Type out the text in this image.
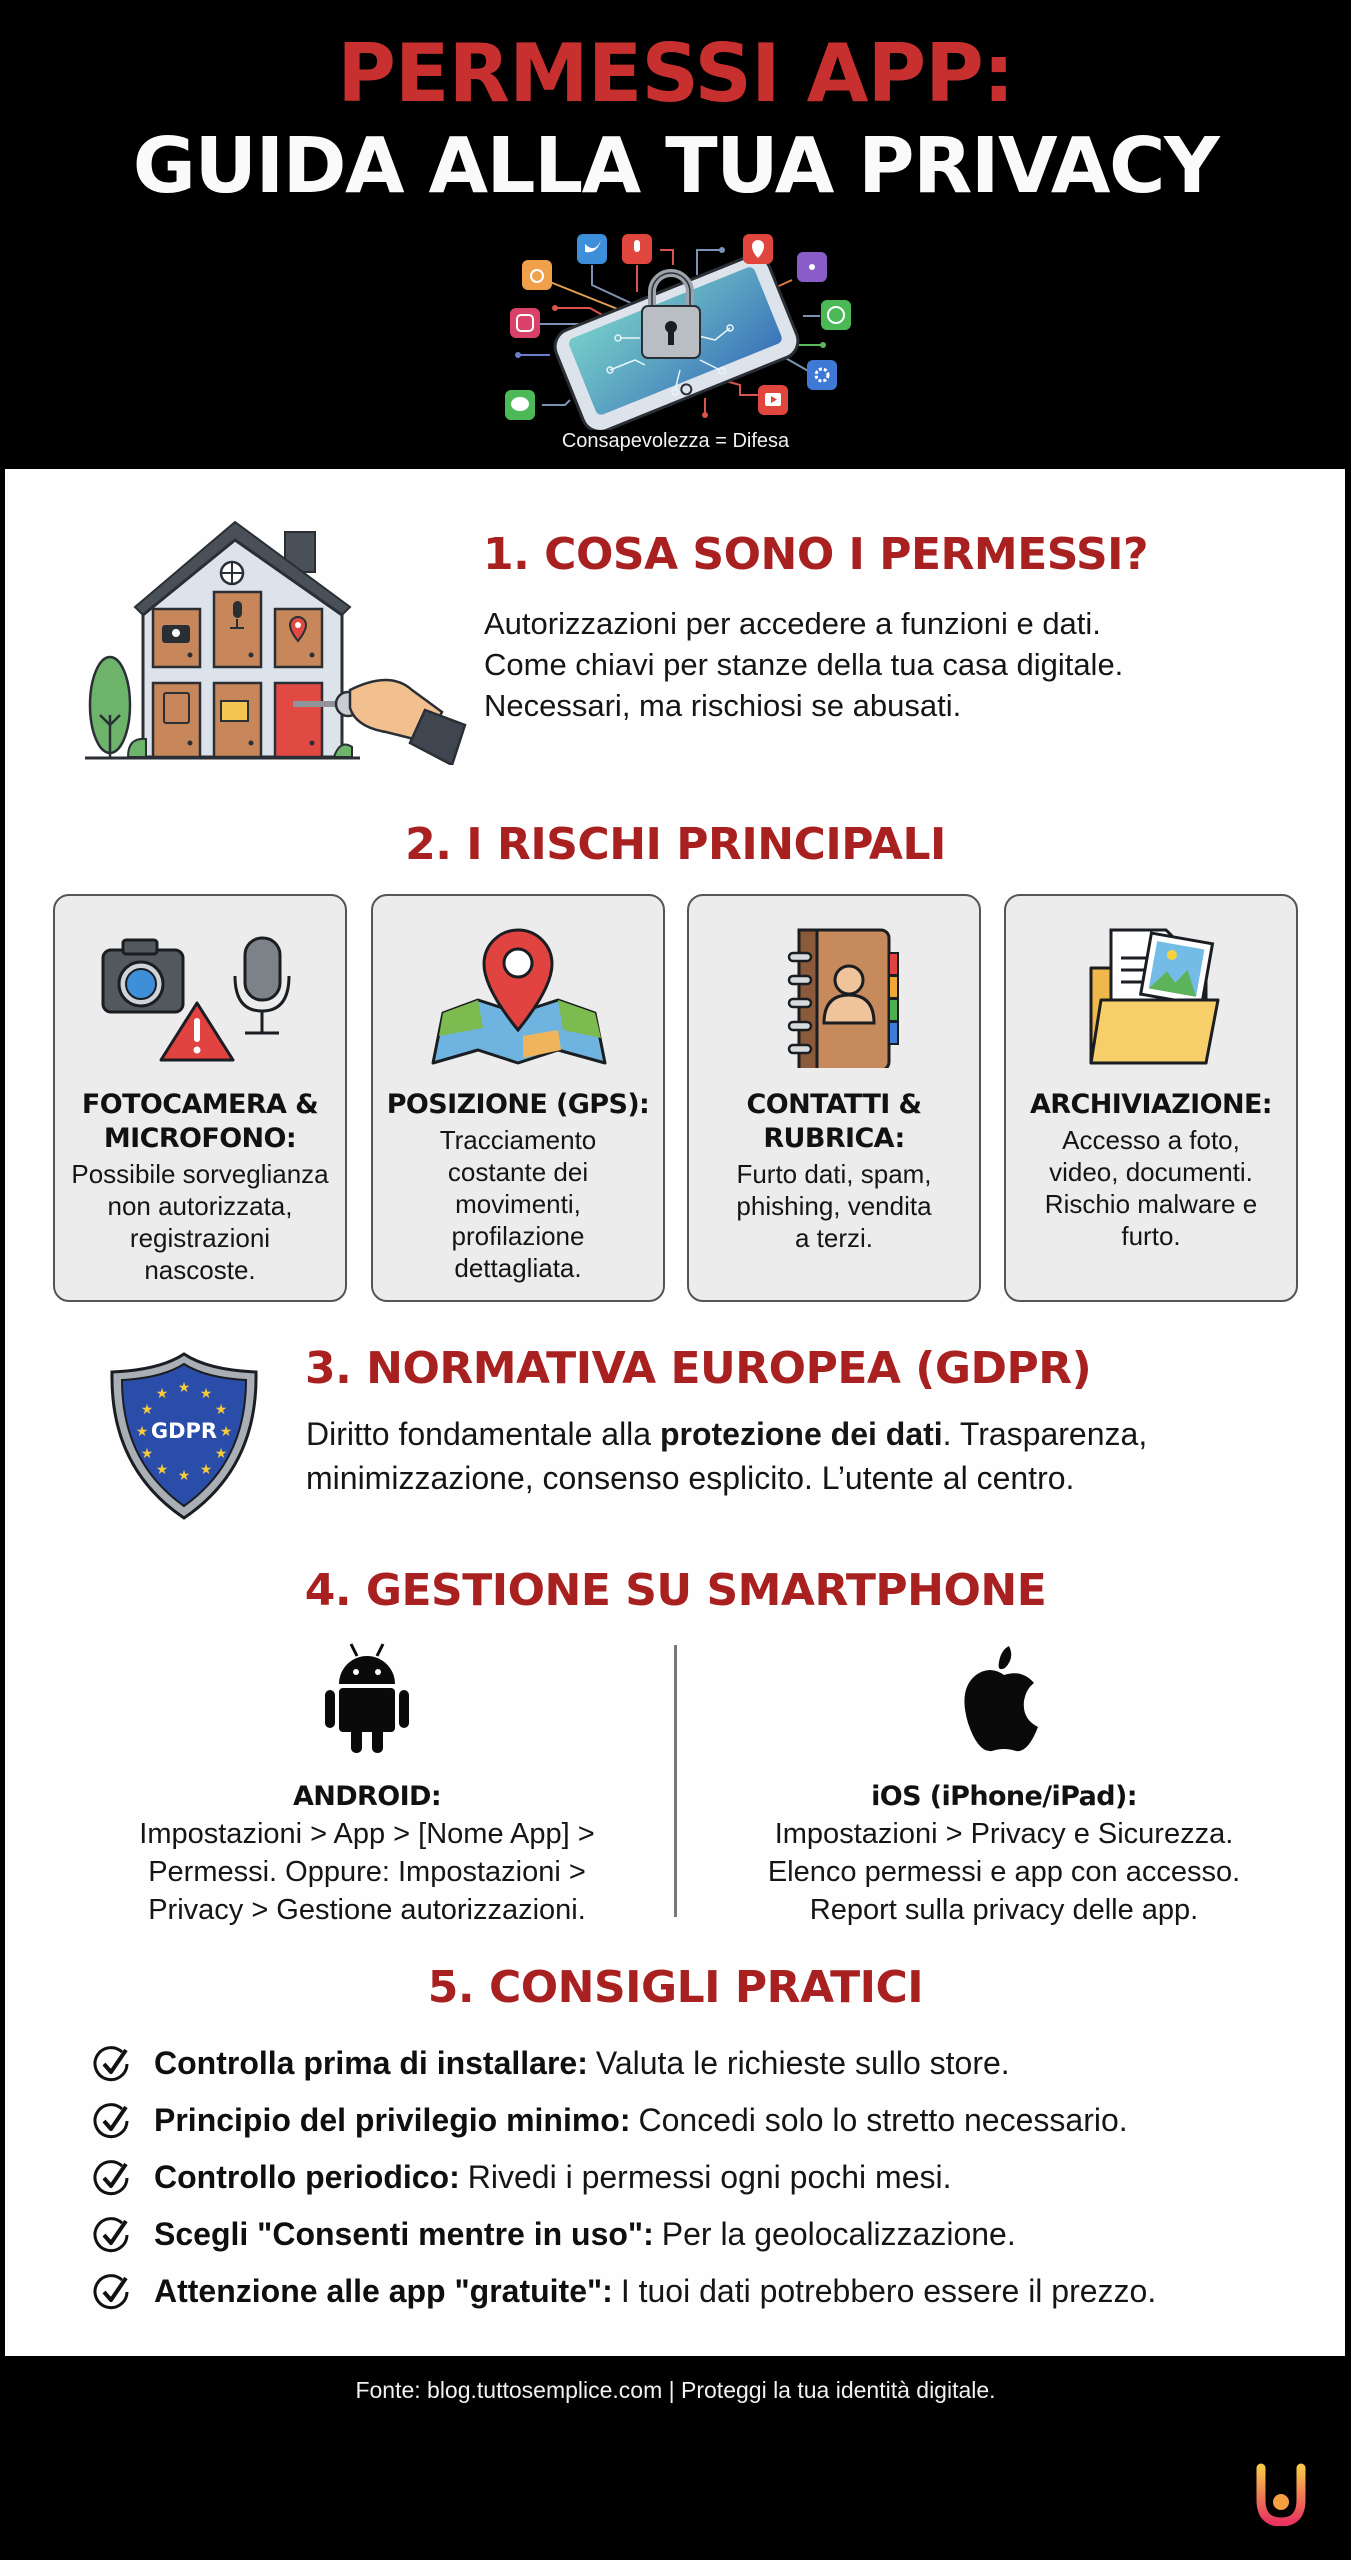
PERMESSI APP:
GUIDA ALLA TUA PRIVACY
Consapevolezza = Difesa
1. COSA SONO I PERMESSI?
Autorizzazioni per accedere a funzioni e dati.
Come chiavi per stanze della tua casa digitale.
Necessari, ma rischiosi se abusati.
2. I RISCHI PRINCIPALI
FOTOCAMERA &
MICROFONO:
Possibile sorveglianza
non autorizzata,
registrazioni
nascoste.
POSIZIONE (GPS):
Tracciamento
costante dei
movimenti,
profilazione
dettagliata.
CONTATTI &
RUBRICA:
Furto dati, spam,
phishing, vendita
a terzi.
ARCHIVIAZIONE:
Accesso a foto,
video, documenti.
Rischio malware e
furto.
★ ★
★
★
★
★
★
★
★
★
★
★
GDPR
3. NORMATIVA EUROPEA (GDPR)
Diritto fondamentale alla protezione dei dati. Trasparenza,
minimizzazione, consenso esplicito. L’utente al centro.
4. GESTIONE SU SMARTPHONE
ANDROID:
Impostazioni > App > [Nome App] >
Permessi. Oppure: Impostazioni >
Privacy > Gestione autorizzazioni.
iOS (iPhone/iPad):
Impostazioni > Privacy e Sicurezza.
Elenco permessi e app con accesso.
Report sulla privacy delle app.
5. CONSIGLI PRATICI
Controlla prima di installare: Valuta le richieste sullo store.
Principio del privilegio minimo: Concedi solo lo stretto necessario.
Controllo periodico: Rivedi i permessi ogni pochi mesi.
Scegli "Consenti mentre in uso": Per la geolocalizzazione.
Attenzione alle app "gratuite": I tuoi dati potrebbero essere il prezzo.
Fonte: blog.tuttosemplice.com | Proteggi la tua identità digitale.
